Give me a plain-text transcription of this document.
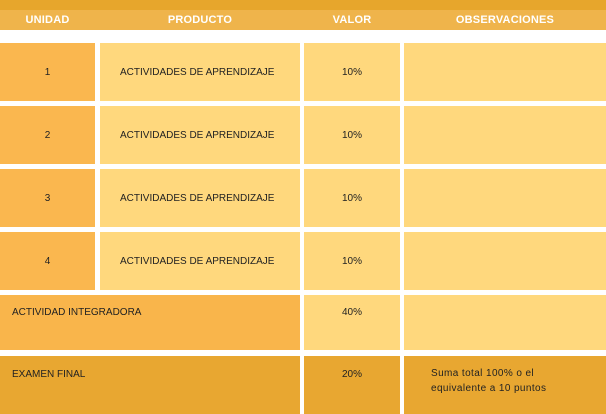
UNIDAD	PRODUCTO	VALOR	OBSERVACIONES
1	ACTIVIDADES DE APRENDIZAJE	10%
2	ACTIVIDADES DE APRENDIZAJE	10%
3	ACTIVIDADES DE APRENDIZAJE	10%
4	ACTIVIDADES DE APRENDIZAJE	10%
ACTIVIDAD INTEGRADORA	40%
EXAMEN FINAL	20%	Suma total 100% o el equivalente a 10 puntos
